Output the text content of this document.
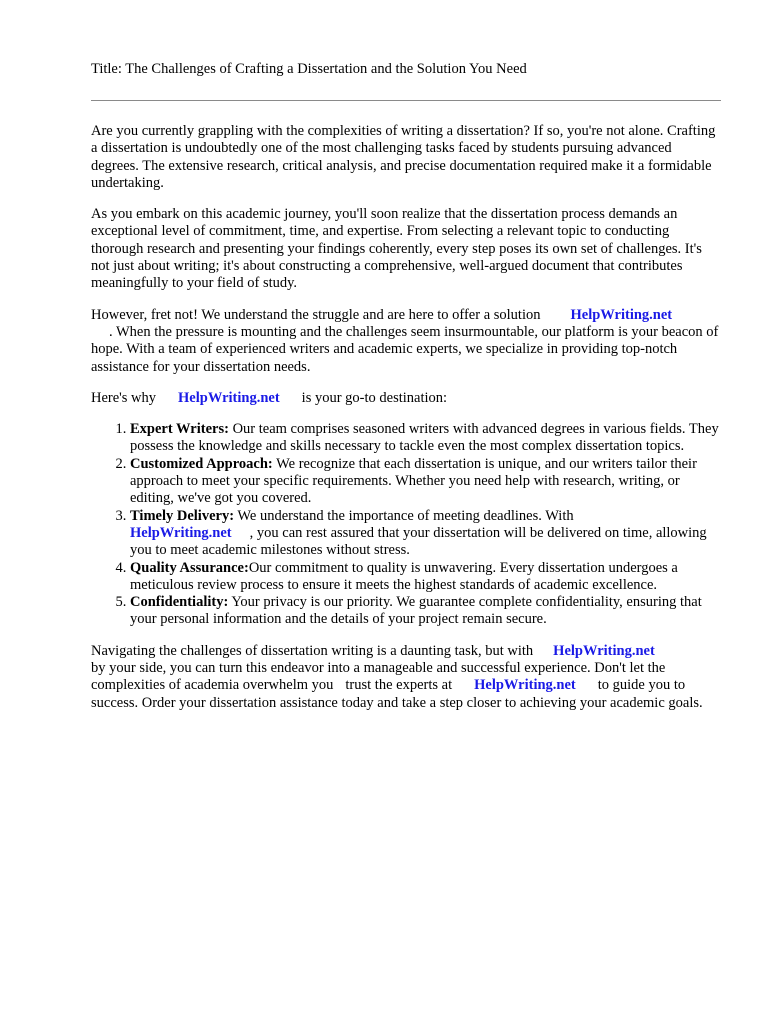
Title: The Challenges of Crafting a Dissertation and the Solution You Need

Are you currently grappling with the complexities of writing a dissertation? If so, you're not alone. Crafting a dissertation is undoubtedly one of the most challenging tasks faced by students pursuing advanced degrees. The extensive research, critical analysis, and precise documentation required make it a formidable undertaking.

As you embark on this academic journey, you'll soon realize that the dissertation process demands an exceptional level of commitment, time, and expertise. From selecting a relevant topic to conducting thorough research and presenting your findings coherently, every step poses its own set of challenges. It's not just about writing; it's about constructing a comprehensive, well-argued document that contributes meaningfully to your field of study.

However, fret not! We understand the struggle and are here to offer a solution HelpWriting.net
. When the pressure is mounting and the challenges seem insurmountable, our platform is your beacon of hope. With a team of experienced writers and academic experts, we specialize in providing top-notch assistance for your dissertation needs.

Here's why HelpWriting.net is your go-to destination:

1. Expert Writers: Our team comprises seasoned writers with advanced degrees in various fields. They possess the knowledge and skills necessary to tackle even the most complex dissertation topics.
2. Customized Approach: We recognize that each dissertation is unique, and our writers tailor their approach to meet your specific requirements. Whether you need help with research, writing, or editing, we've got you covered.
3. Timely Delivery: We understand the importance of meeting deadlines. With
HelpWriting.net , you can rest assured that your dissertation will be delivered on time, allowing you to meet academic milestones without stress.
4. Quality Assurance:Our commitment to quality is unwavering. Every dissertation undergoes a meticulous review process to ensure it meets the highest standards of academic excellence.
5. Confidentiality: Your privacy is our priority. We guarantee complete confidentiality, ensuring that your personal information and the details of your project remain secure.

Navigating the challenges of dissertation writing is a daunting task, but with HelpWriting.net
by your side, you can turn this endeavor into a manageable and successful experience. Don't let the complexities of academia overwhelm you trust the experts at HelpWriting.net to guide you to success. Order your dissertation assistance today and take a step closer to achieving your academic goals.
